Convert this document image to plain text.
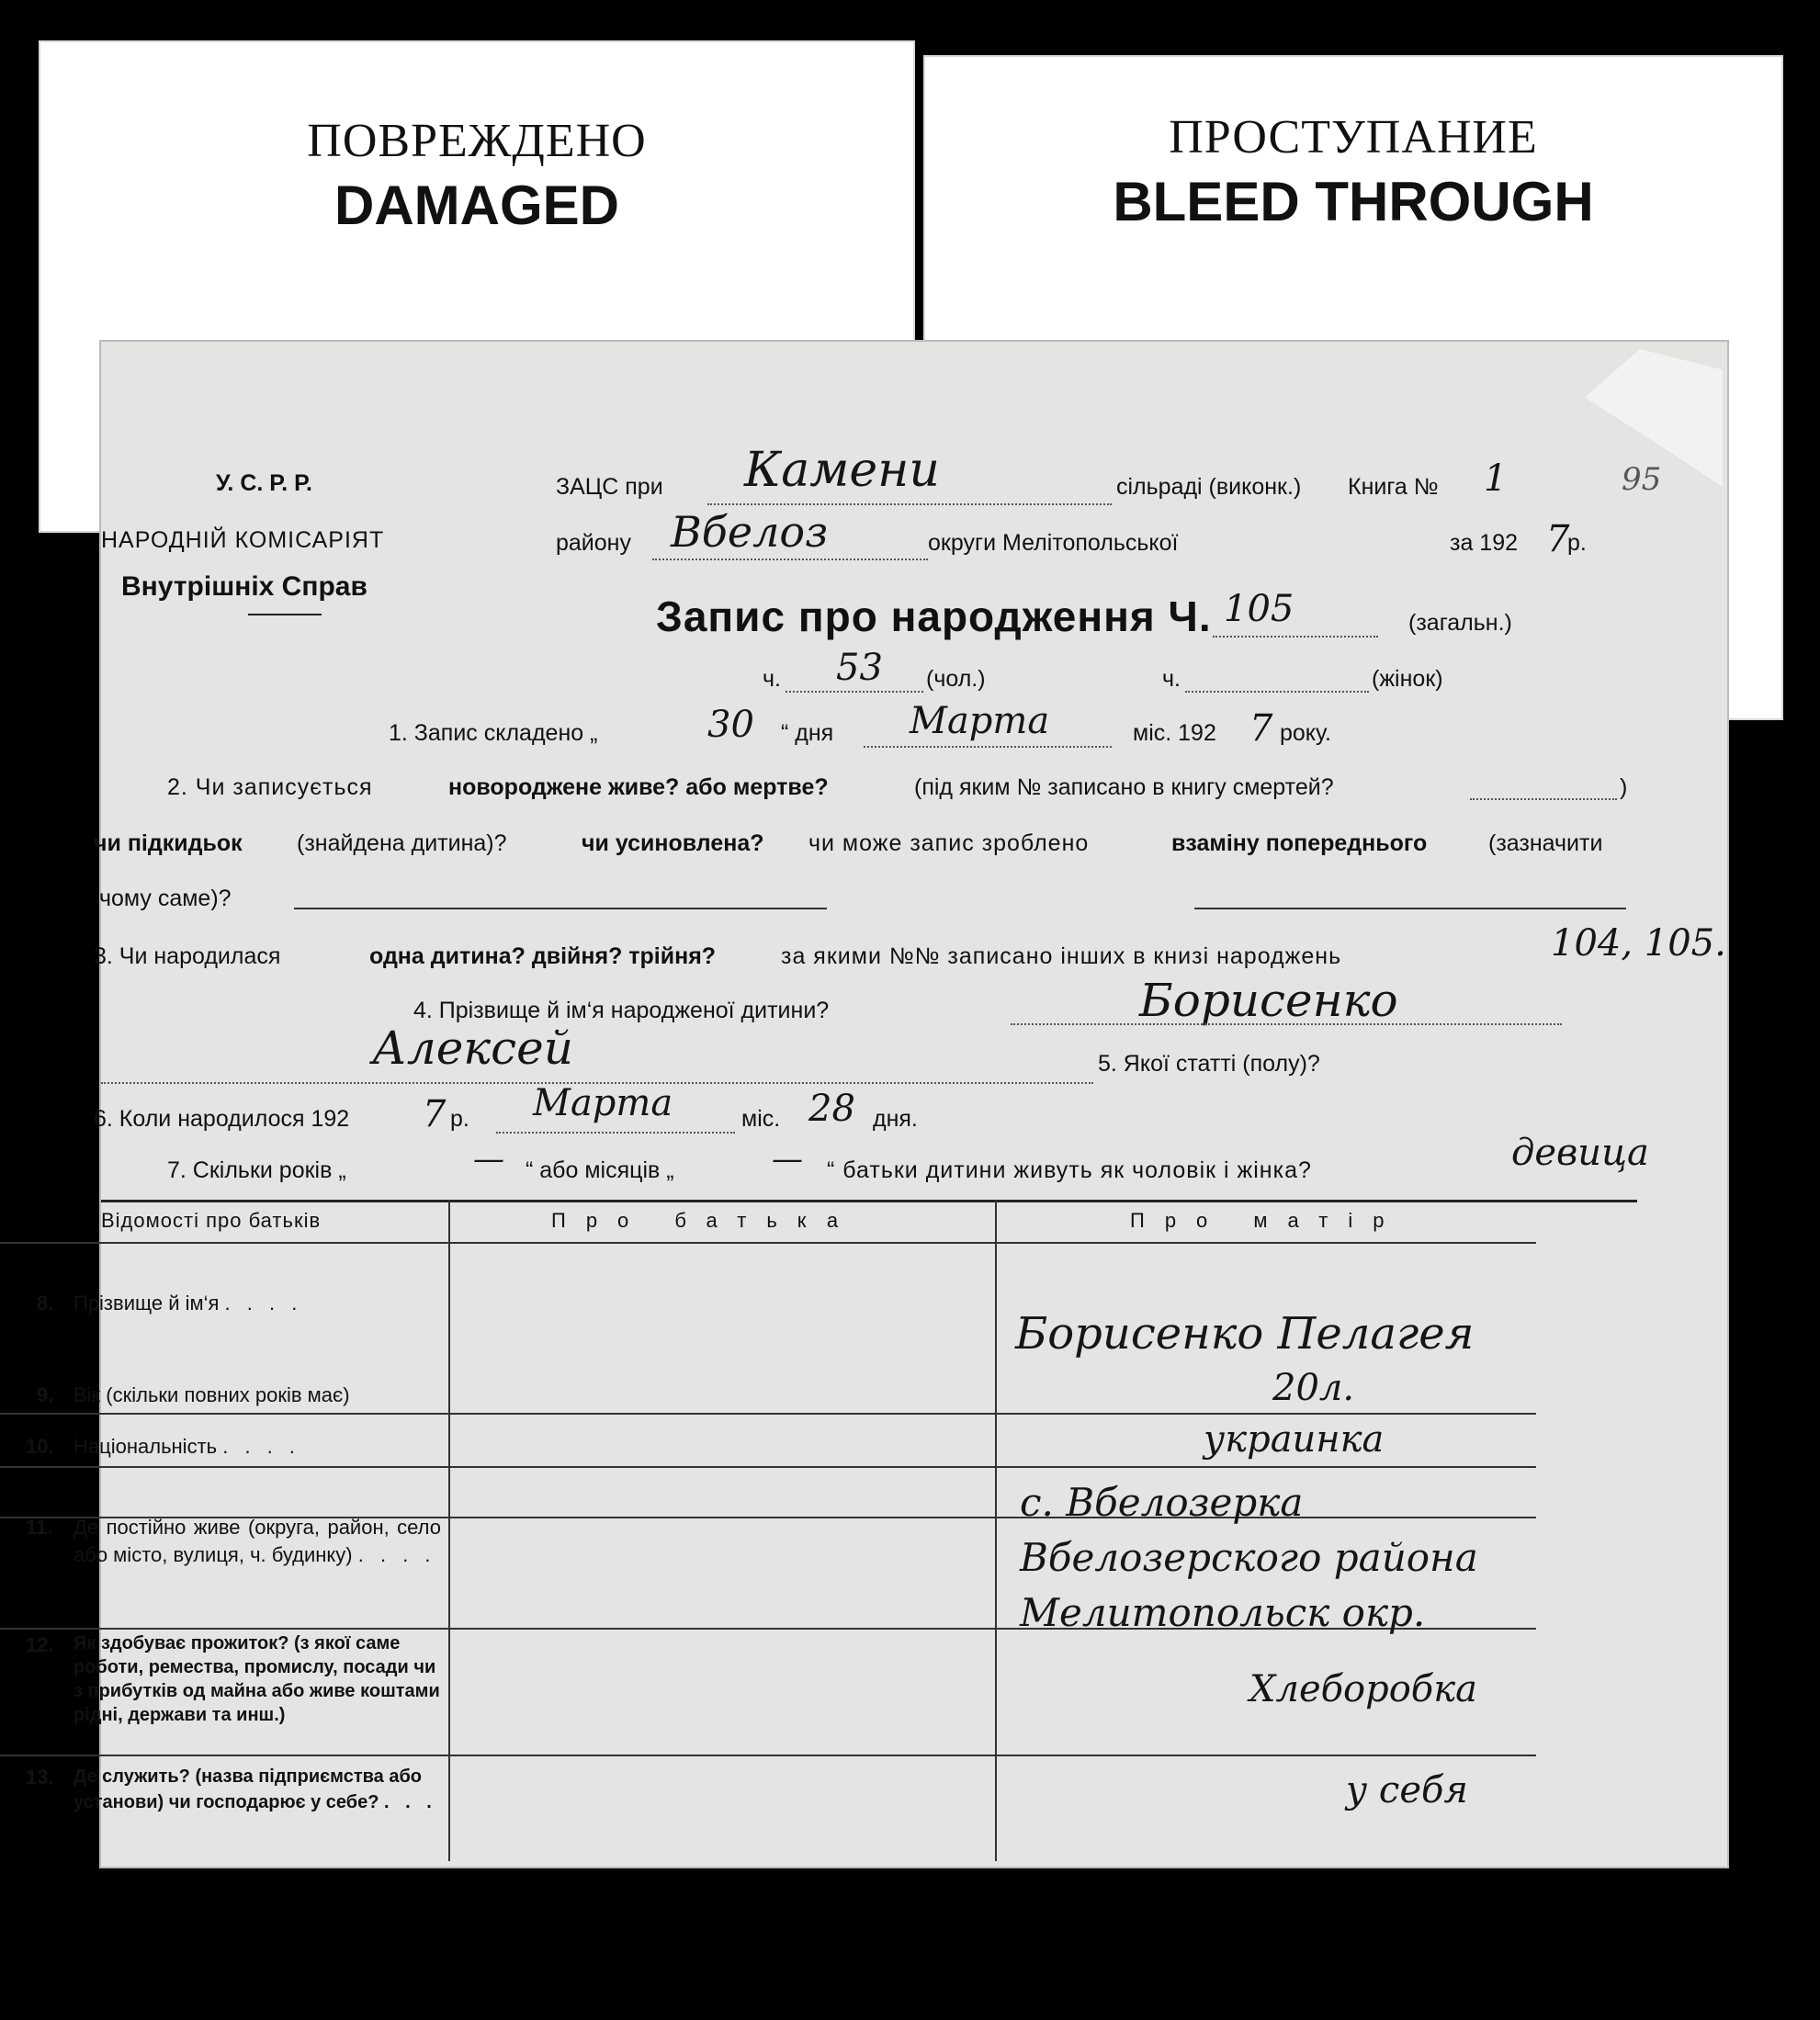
ПОВРЕЖДЕНО
DAMAGED
ПРОСТУПАНИЕ
BLEED THROUGH
У. С. Р. Р.
НАРОДНІЙ КОМІСАРІЯТ
Внутрішніх Справ
ЗАЦС при Камени	сільраді (виконк.) Книга № 1	95
району Вбелоз	округи Мелітопольської	за 192 7
р.
Запис про народження Ч. 105	(загальн.)
ч. 53 (чол.)	ч.	(жінок)
1. Запис складено „	30 “ дня Марта	міс. 192 7 року.
2. Чи записується	новороджене живе? або мертве?	(під яким № записано в книгу смертей?	)
чи підкидьок (знайдена дитина)?	чи усиновлена? чи може запис зроблено	взаміну попереднього	(зазначити
чому саме)?
3. Чи народилася	одна дитина? двійня? трійня?	за якими №№ записано інших в книзі народжень	104, 105.
4. Прізвище й ім‘я народженої дитини?	Борисенко
Алексей	5. Якої статті (полу)?
6. Коли народилося 192 7 р. Марта	міс. 28 дня.
7. Скільки років „	— “ або місяців „	— “ батьки дитини живуть як чоловік і жінка?	девица
Відомості про батьків	Про батька	Про матір
8. Прізвище й ім‘я . . . .
Борисенко Пелагея
9. Вік (скільки повних років має)	20л.
10. Національність . . . .	украинка
11. Де постійно живе (округа, район, село або місто, вулиця, ч. будинку) . . . .
с. Вбелозерка Вбелозерского района Мелитопольск окр.
12. Як здобуває прожиток? (з якої саме роботи, ремества, промислу, посади чи з прибутків од майна або живе коштами рідні, держави та инш.)
Хлеборобка
13. Де служить? (назва підприємства або установи) чи господарює у себе? . . .	у себя
